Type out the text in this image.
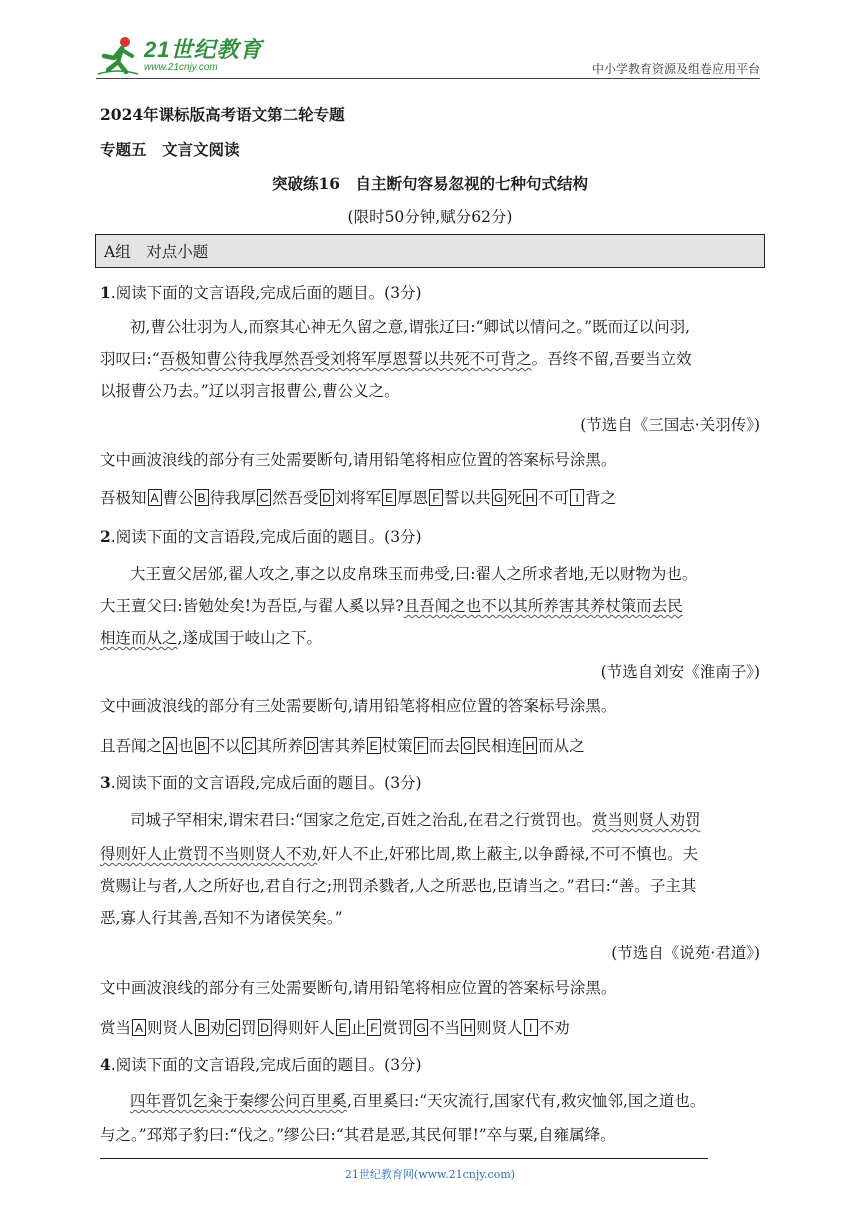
21世纪教育
www.21cnjy.com	中小学教育资源及组卷应用平台
2024年课标版高考语文第二轮专题
专题五　文言文阅读
突破练16　自主断句容易忽视的七种句式结构
(限时50分钟,赋分62分)
A组　对点小题
1.阅读下面的文言语段,完成后面的题目。(3分)
初,曹公壮羽为人,而察其心神无久留之意,谓张辽曰:“卿试以情问之。”既而辽以问羽,
羽叹曰:“吾极知曹公待我厚然吾受刘将军厚恩誓以共死不可背之。吾终不留,吾要当立效
以报曹公乃去。”辽以羽言报曹公,曹公义之。
(节选自《三国志·关羽传》)
文中画波浪线的部分有三处需要断句,请用铅笔将相应位置的答案标号涂黑。
吾极知 A 曹公 B 待我厚 C 然吾受 D 刘将军 E 厚恩 F 誓以共 G 死 H 不可 I 背之
2.阅读下面的文言语段,完成后面的题目。(3分)
大王亶父居邠,翟人攻之,事之以皮帛珠玉而弗受,曰:翟人之所求者地,无以财物为也。
大王亶父曰:皆勉处矣!为吾臣,与翟人奚以异?且吾闻之也不以其所养害其养杖策而去民
相连而从之,遂成国于岐山之下。
(节选自刘安《淮南子》)
文中画波浪线的部分有三处需要断句,请用铅笔将相应位置的答案标号涂黑。
且吾闻之 A 也 B 不以 C 其所养 D 害其养 E 杖策 F 而去 G 民相连 H 而从之
3.阅读下面的文言语段,完成后面的题目。(3分)
司城子罕相宋,谓宋君曰:“国家之危定,百姓之治乱,在君之行赏罚也。赏当则贤人劝罚
得则奸人止赏罚不当则贤人不劝,奸人不止,奸邪比周,欺上蔽主,以争爵禄,不可不慎也。夫
赏赐让与者,人之所好也,君自行之;刑罚杀戮者,人之所恶也,臣请当之。”君曰:“善。子主其
恶,寡人行其善,吾知不为诸侯笑矣。”
(节选自《说苑·君道》)
文中画波浪线的部分有三处需要断句,请用铅笔将相应位置的答案标号涂黑。
赏当 A 则贤人 B 劝 C 罚 D 得则奸人 E 止 F 赏罚 G 不当 H 则贤人 I 不劝
4.阅读下面的文言语段,完成后面的题目。(3分)
四年晋饥乞籴于秦缪公问百里奚,百里奚曰:“天灾流行,国家代有,救灾恤邻,国之道也。
与之。”邳郑子豹曰:“伐之。”缪公曰:“其君是恶,其民何罪!”卒与粟,自雍属绛。
21世纪教育网(www.21cnjy.com)
